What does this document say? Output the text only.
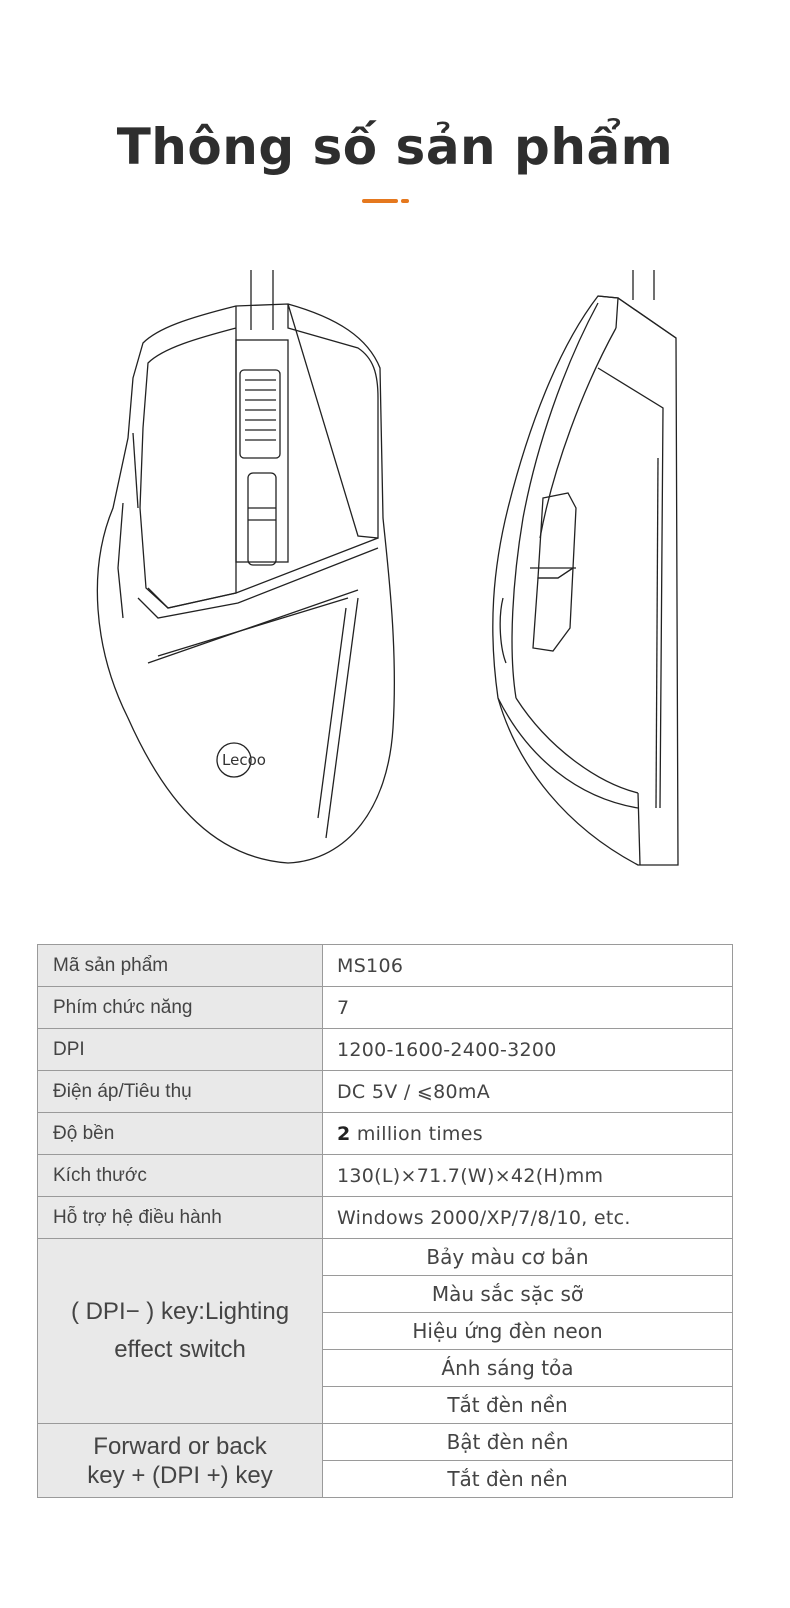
Thông số sản phẩm
Lecoo
Mã sản phẩm	MS106
Phím chức năng	7
DPI	1200-1600-2400-3200
Điện áp/Tiêu thụ	DC 5V / ⩽80mA
Độ bền	2 million times
Kích thước	130(L)×71.7(W)×42(H)mm
Hỗ trợ hệ điều hành	Windows 2000/XP/7/8/10, etc.

( DPI− ) key:Lighting
effect switch	Bảy màu cơ bản
	Màu sắc sặc sỡ
	Hiệu ứng đèn neon
	Ánh sáng tỏa
	Tắt đèn nền

Forward or back
key + (DPI +) key	Bật đèn nền
	Tắt đèn nền
